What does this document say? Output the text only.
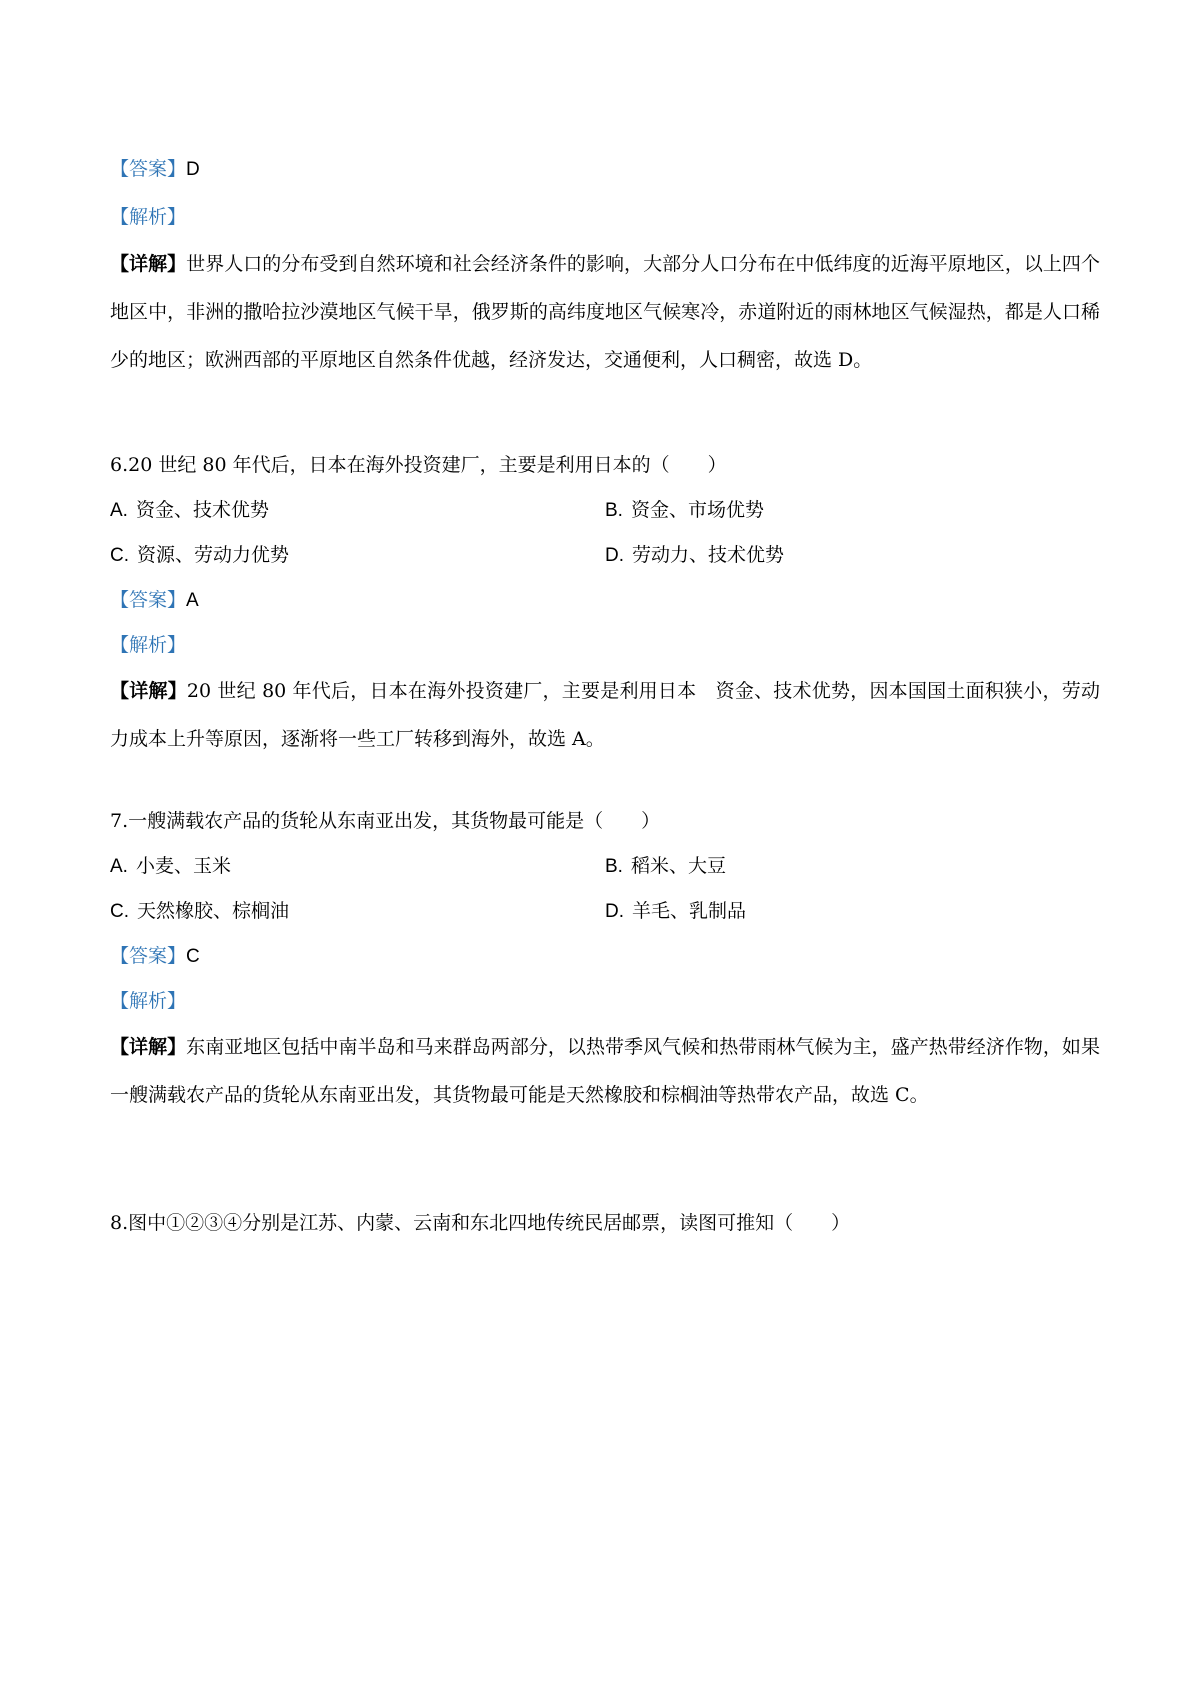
【答案】D
【解析】
【详解】世界人口的分布受到自然环境和社会经济条件的影响，大部分人口分布在中低纬度的近海平原地区，以上四个地区中，非洲的撒哈拉沙漠地区气候干旱，俄罗斯的高纬度地区气候寒冷，赤道附近的雨林地区气候湿热，都是人口稀少的地区；欧洲西部的平原地区自然条件优越，经济发达，交通便利，人口稠密，故选 D。
6.20 世纪 80 年代后，日本在海外投资建厂，主要是利用日本的（　　）
A. 资金、技术优势	B. 资金、市场优势
C. 资源、劳动力优势	D. 劳动力、技术优势
【答案】A
【解析】
【详解】20 世纪 80 年代后，日本在海外投资建厂，主要是利用日本　资金、技术优势，因本国国土面积狭小，劳动力成本上升等原因，逐渐将一些工厂转移到海外，故选 A。
7.一艘满载农产品的货轮从东南亚出发，其货物最可能是（　　）
A. 小麦、玉米	B. 稻米、大豆
C. 天然橡胶、棕榈油	D. 羊毛、乳制品
【答案】C
【解析】
【详解】东南亚地区包括中南半岛和马来群岛两部分，以热带季风气候和热带雨林气候为主，盛产热带经济作物，如果一艘满载农产品的货轮从东南亚出发，其货物最可能是天然橡胶和棕榈油等热带农产品，故选 C。
8.图中①②③④分别是江苏、内蒙、云南和东北四地传统民居邮票，读图可推知（　　）
